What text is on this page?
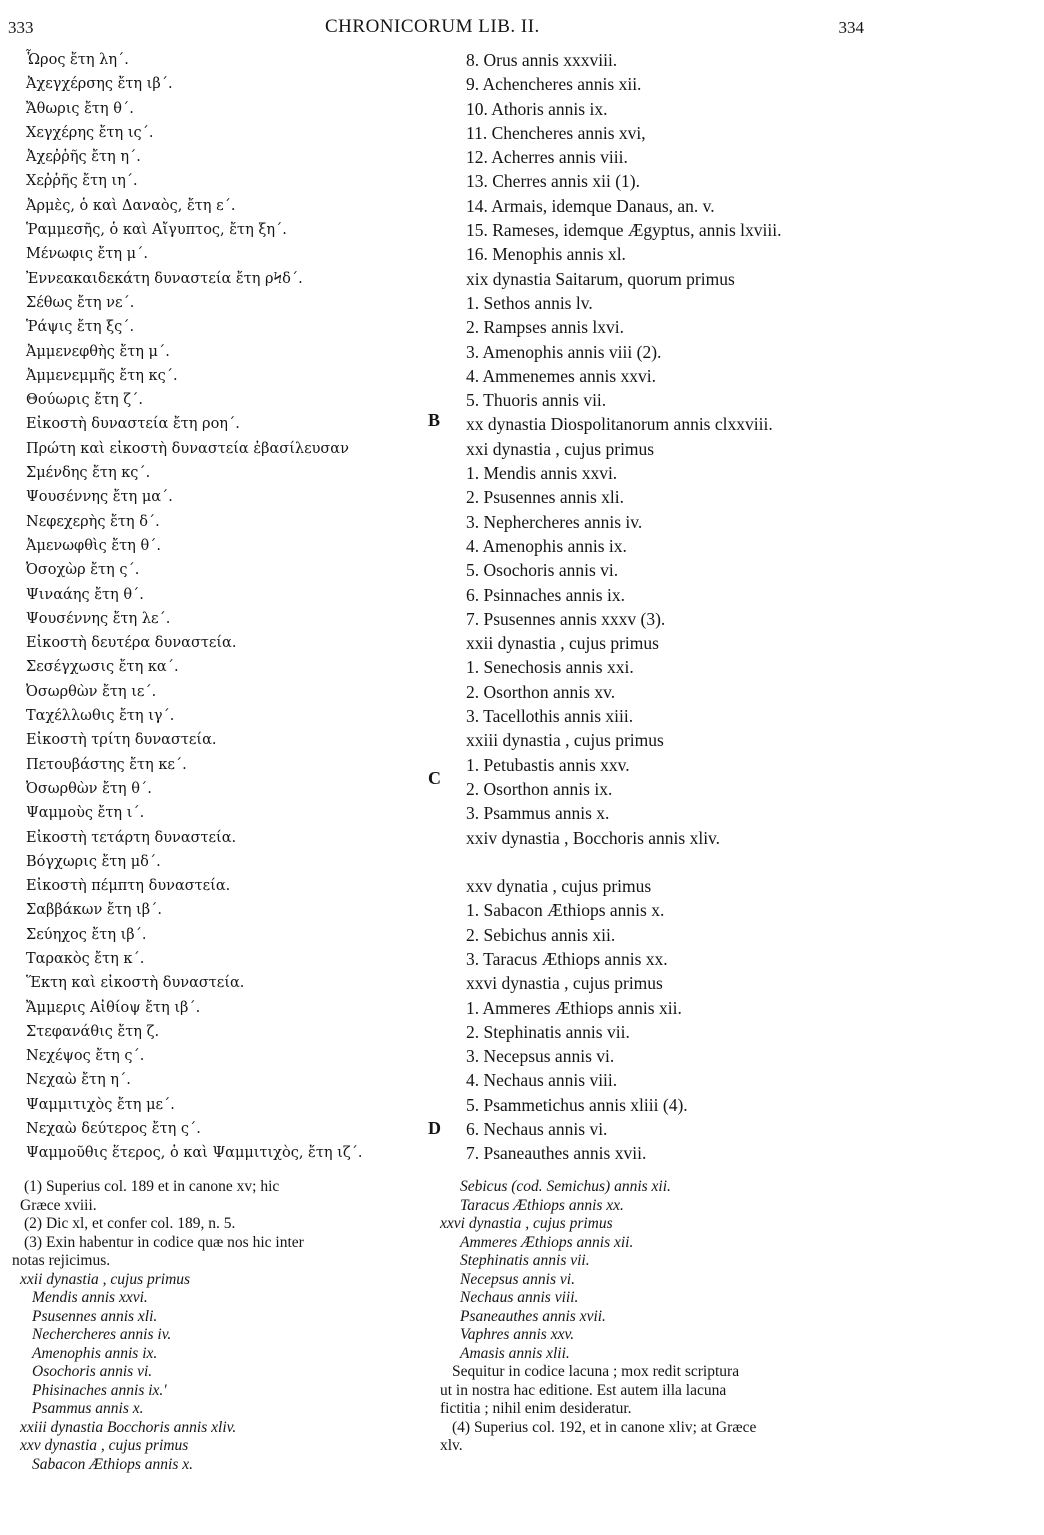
333	CHRONICORUM LIB. II.	334
Ὧρος ἔτη λη΄.
Ἀχεγχέρσης ἔτη ιβ΄.
Ἄθωρις ἔτη θ΄.
Χεγχέρης ἔτη ις΄.
Ἀχεῤῥῆς ἔτη η΄.
Χεῤῥῆς ἔτη ιη΄.
Ἀρμὲς, ὁ καὶ Δαναὸς, ἔτη ε΄.
Ῥαμμεσῆς, ὁ καὶ Αἴγυπτος, ἔτη ξη΄.
Μένωφις ἔτη μ΄.
Ἐννεακαιδεκάτη δυναστεία ἔτη ρϞδ΄.
Σέθως ἔτη νε΄.
Ῥάψις ἔτη ξς΄.
Ἀμμενεφθὴς ἔτη μ΄.
Ἀμμενεμμῆς ἔτη κς΄.
Θούωρις ἔτη ζ΄.
Εἰκοστὴ δυναστεία ἔτη ροη΄.
Πρώτη καὶ εἰκοστὴ δυναστεία ἐβασίλευσαν
Σμένδης ἔτη κς΄.
Ψουσέννης ἔτη μα΄.
Νεφεχερὴς ἔτη δ΄.
Ἀμενωφθὶς ἔτη θ΄.
Ὀσοχὼρ ἔτη ς΄.
Ψιναάης ἔτη θ΄.
Ψουσέννης ἔτη λε΄.
Εἰκοστὴ δευτέρα δυναστεία.
Σεσέγχωσις ἔτη κα΄.
Ὀσωρθὼν ἔτη ιε΄.
Ταχέλλωθις ἔτη ιγ΄.
Εἰκοστὴ τρίτη δυναστεία.
Πετουβάστης ἔτη κε΄.
Ὀσωρθὼν ἔτη θ΄.
Ψαμμοὺς ἔτη ι΄.
Εἰκοστὴ τετάρτη δυναστεία.
Βόγχωρις ἔτη μδ΄.
Εἰκοστὴ πέμπτη δυναστεία.
Σαββάκων ἔτη ιβ΄.
Σεύηχος ἔτη ιβ΄.
Ταρακὸς ἔτη κ΄.
Ἕκτη καὶ εἰκοστὴ δυναστεία.
Ἄμμερις Αἰθίοψ ἔτη ιβ΄.
Στεφανάθις ἔτη ζ.
Νεχέψος ἔτη ς΄.
Νεχαὼ ἔτη η΄.
Ψαμμιτιχὸς ἔτη με΄.
Νεχαὼ δεύτερος ἔτη ς΄.
Ψαμμοῦθις ἕτερος, ὁ καὶ Ψαμμιτιχὸς, ἔτη ιζ΄.
8. Orus annis xxxviii.
9. Achencheres annis xii.
10. Athoris annis ix.
11. Chencheres annis xvi,
12. Acherres annis viii.
13. Cherres annis xii (1).
14. Armais, idemque Danaus, an. v.
15. Rameses, idemque Ægyptus, annis lxviii.
16. Menophis annis xl.
xix dynastia Saitarum, quorum primus
1. Sethos annis lv.
2. Rampses annis lxvi.
3. Amenophis annis viii (2).
4. Ammenemes annis xxvi.
5. Thuoris annis vii.
xx dynastia Diospolitanorum annis clxxviii.
xxi dynastia , cujus primus
1. Mendis annis xxvi.
2. Psusennes annis xli.
3. Nephercheres annis iv.
4. Amenophis annis ix.
5. Osochoris annis vi.
6. Psinnaches annis ix.
7. Psusennes annis xxxv (3).
xxii dynastia , cujus primus
1. Senechosis annis xxi.
2. Osorthon annis xv.
3. Tacellothis annis xiii.
xxiii dynastia , cujus primus
1. Petubastis annis xxv.
2. Osorthon annis ix.
3. Psammus annis x.
xxiv dynastia , Bocchoris annis xliv.
xxv dynatia , cujus primus
1. Sabacon Æthiops annis x.
2. Sebichus annis xii.
3. Taracus Æthiops annis xx.
xxvi dynastia , cujus primus
1. Ammeres Æthiops annis xii.
2. Stephinatis annis vii.
3. Necepsus annis vi.
4. Nechaus annis viii.
5. Psammetichus annis xliii (4).
6. Nechaus annis vi.
7. Psaneauthes annis xvii.
B
C
D
(1) Superius col. 189 et in canone xv; hic
Græce xviii.
(2) Dic xl, et confer col. 189, n. 5.
(3) Exin habentur in codice quæ nos hic inter
notas rejicimus.
xxii dynastia , cujus primus
Mendis annis xxvi.
Psusennes annis xli.
Nechercheres annis iv.
Amenophis annis ix.
Osochoris annis vi.
Phisinaches annis ix.'
Psammus annis x.
xxiii dynastia Bocchoris annis xliv.
xxv dynastia , cujus primus
Sabacon Æthiops annis x.
Sebicus (cod. Semichus) annis xii.
Taracus Æthiops annis xx.
xxvi dynastia , cujus primus
Ammeres Æthiops annis xii.
Stephinatis annis vii.
Necepsus annis vi.
Nechaus annis viii.
Psaneauthes annis xvii.
Vaphres annis xxv.
Amasis annis xlii.
Sequitur in codice lacuna ; mox redit scriptura
ut in nostra hac editione. Est autem illa lacuna
fictitia ; nihil enim desideratur.
(4) Superius col. 192, et in canone xliv; at Græce
xlv.
